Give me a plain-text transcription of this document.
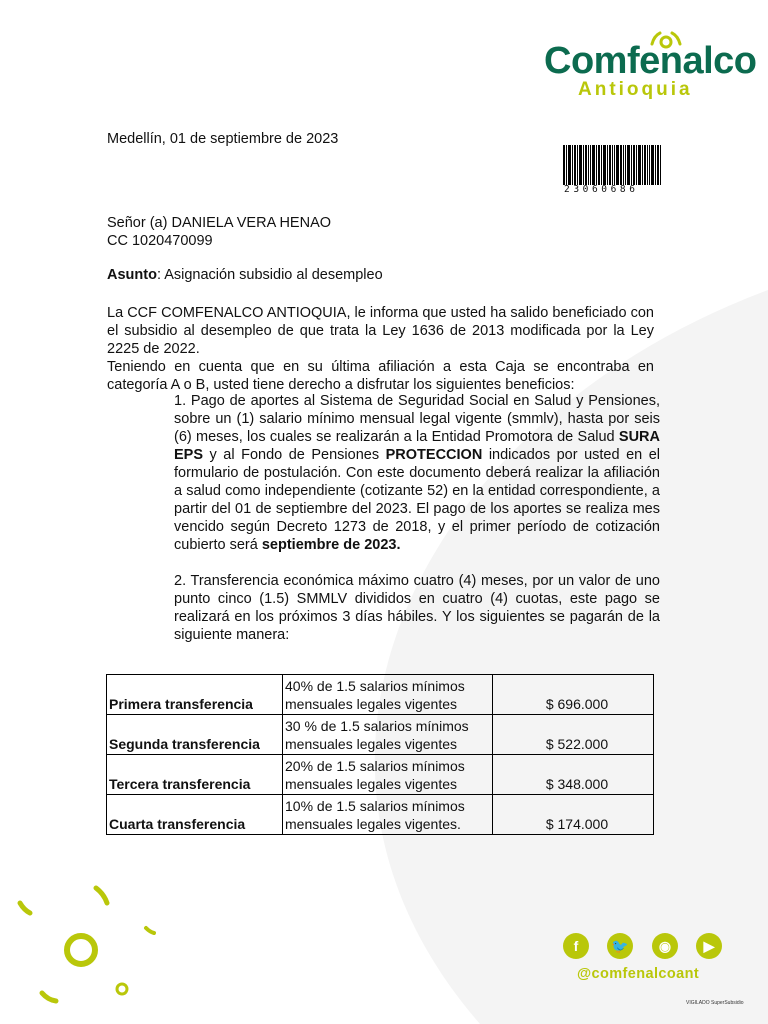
Comfenalco
Antioquia
Medellín, 01 de septiembre de 2023
23060686
Señor (a) DANIELA VERA HENAO
CC 1020470099
Asunto: Asignación subsidio al desempleo
La CCF COMFENALCO ANTIOQUIA, le informa que usted ha salido beneficiado con el subsidio al desempleo de que trata la Ley 1636 de 2013 modificada por la Ley 2225 de 2022.
Teniendo en cuenta que en su última afiliación a esta Caja se encontraba en categoría A o B, usted tiene derecho a disfrutar los siguientes beneficios:
1. Pago de aportes al Sistema de Seguridad Social en Salud y Pensiones, sobre un (1) salario mínimo mensual legal vigente (smmlv), hasta por seis (6) meses, los cuales se realizarán a la Entidad Promotora de Salud SURA EPS y al Fondo de Pensiones PROTECCION indicados por usted en el formulario de postulación. Con este documento deberá realizar la afiliación a salud como independiente (cotizante 52) en la entidad correspondiente, a partir del 01 de septiembre del 2023. El pago de los aportes se realiza mes vencido según Decreto 1273 de 2018, y el primer período de cotización cubierto será septiembre de 2023.
2. Transferencia económica máximo cuatro (4) meses, por un valor de uno punto cinco (1.5) SMMLV divididos en cuatro (4) cuotas, este pago se realizará en los próximos 3 días hábiles. Y los siguientes se pagarán de la siguiente manera:
Primera transferencia	40% de 1.5 salarios mínimos
mensuales legales vigentes	$ 696.000
Segunda transferencia	30 % de 1.5 salarios mínimos
mensuales legales vigentes	$ 522.000
Tercera transferencia	20% de 1.5 salarios mínimos
mensuales legales vigentes	$ 348.000
Cuarta transferencia	10% de 1.5 salarios mínimos
mensuales legales vigentes.	$ 174.000
f	🐦	◉	▶
@comfenalcoant
VIGILADO SuperSubsidio
